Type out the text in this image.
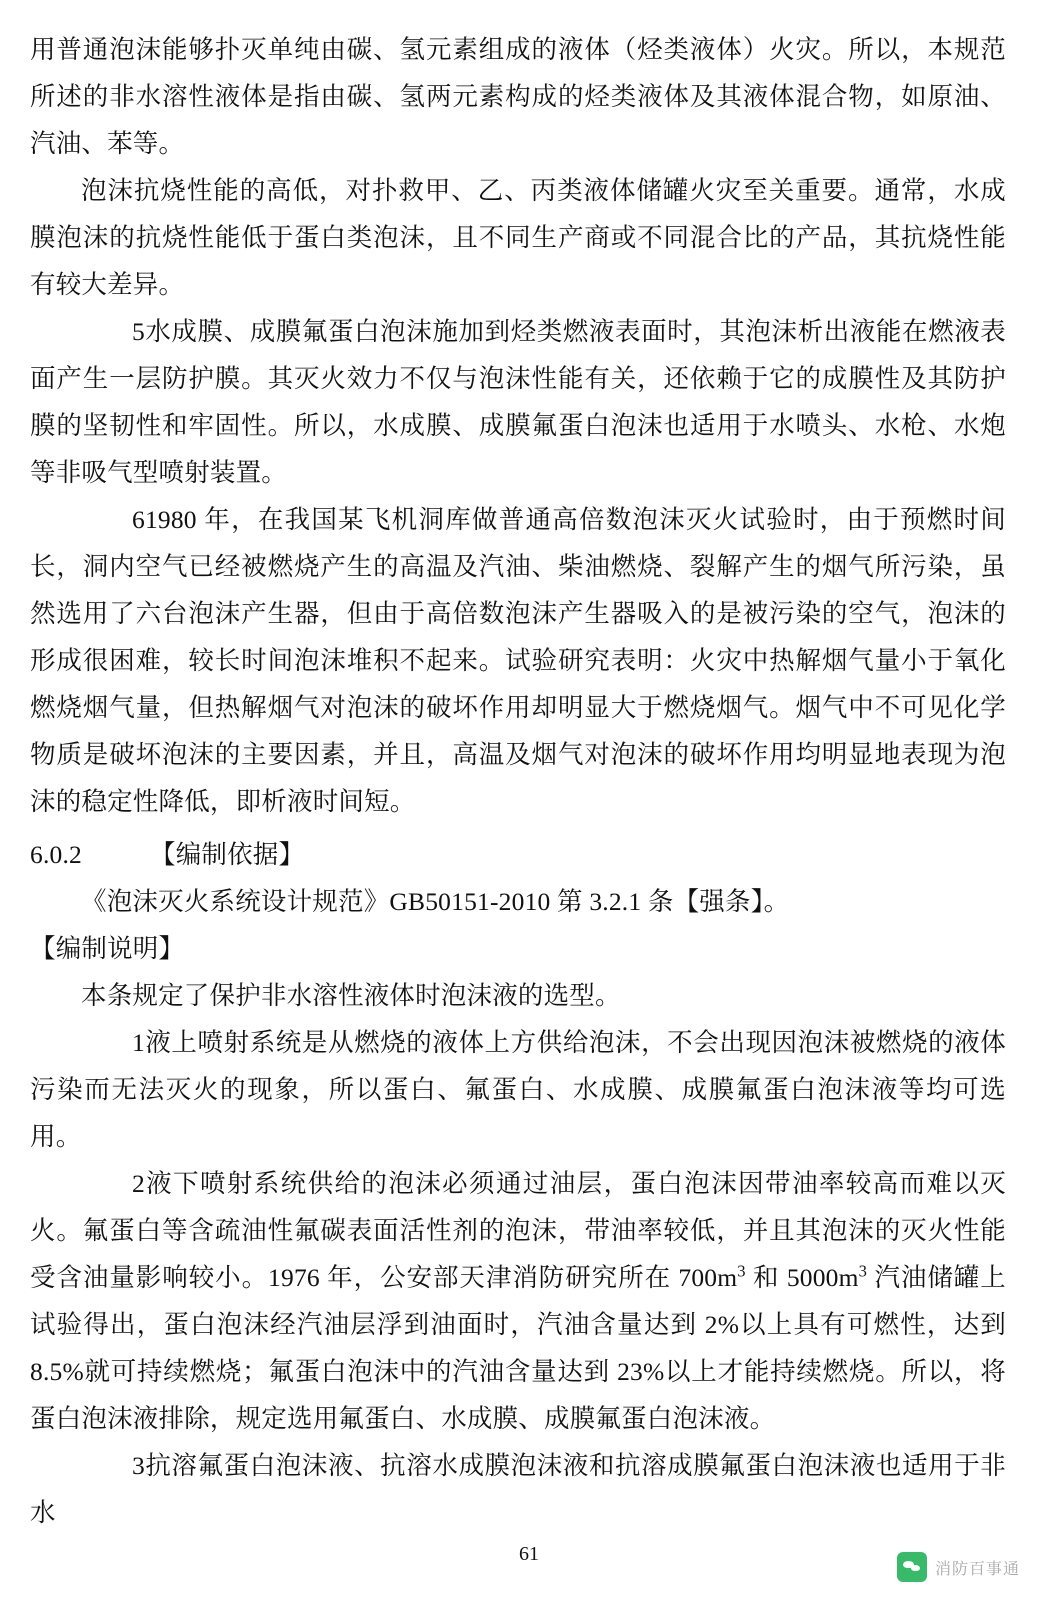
用普通泡沫能够扑灭单纯由碳、氢元素组成的液体（烃类液体）火灾。所以，本规范所述的非水溶性液体是指由碳、氢两元素构成的烃类液体及其液体混合物，如原油、汽油、苯等。

泡沫抗烧性能的高低，对扑救甲、乙、丙类液体储罐火灾至关重要。通常，水成膜泡沫的抗烧性能低于蛋白类泡沫，且不同生产商或不同混合比的产品，其抗烧性能有较大差异。

5水成膜、成膜氟蛋白泡沫施加到烃类燃液表面时，其泡沫析出液能在燃液表面产生一层防护膜。其灭火效力不仅与泡沫性能有关，还依赖于它的成膜性及其防护膜的坚韧性和牢固性。所以，水成膜、成膜氟蛋白泡沫也适用于水喷头、水枪、水炮等非吸气型喷射装置。

61980 年，在我国某飞机洞库做普通高倍数泡沫灭火试验时，由于预燃时间长，洞内空气已经被燃烧产生的高温及汽油、柴油燃烧、裂解产生的烟气所污染，虽然选用了六台泡沫产生器，但由于高倍数泡沫产生器吸入的是被污染的空气，泡沫的形成很困难，较长时间泡沫堆积不起来。试验研究表明：火灾中热解烟气量小于氧化燃烧烟气量，但热解烟气对泡沫的破坏作用却明显大于燃烧烟气。烟气中不可见化学物质是破坏泡沫的主要因素，并且，高温及烟气对泡沫的破坏作用均明显地表现为泡沫的稳定性降低，即析液时间短。

6.0.2	【编制依据】

《泡沫灭火系统设计规范》GB50151-2010 第 3.2.1 条【强条】。

【编制说明】

本条规定了保护非水溶性液体时泡沫液的选型。

1液上喷射系统是从燃烧的液体上方供给泡沫，不会出现因泡沫被燃烧的液体污染而无法灭火的现象，所以蛋白、氟蛋白、水成膜、成膜氟蛋白泡沫液等均可选用。

2液下喷射系统供给的泡沫必须通过油层，蛋白泡沫因带油率较高而难以灭火。氟蛋白等含疏油性氟碳表面活性剂的泡沫，带油率较低，并且其泡沫的灭火性能受含油量影响较小。1976 年，公安部天津消防研究所在 $700m^3$ 和 $5000m^3$ 汽油储罐上试验得出，蛋白泡沫经汽油层浮到油面时，汽油含量达到 2%以上具有可燃性，达到 8.5%就可持续燃烧；氟蛋白泡沫中的汽油含量达到 23%以上才能持续燃烧。所以，将蛋白泡沫液排除，规定选用氟蛋白、水成膜、成膜氟蛋白泡沫液。

3抗溶氟蛋白泡沫液、抗溶水成膜泡沫液和抗溶成膜氟蛋白泡沫液也适用于非水

61
消防百事通
